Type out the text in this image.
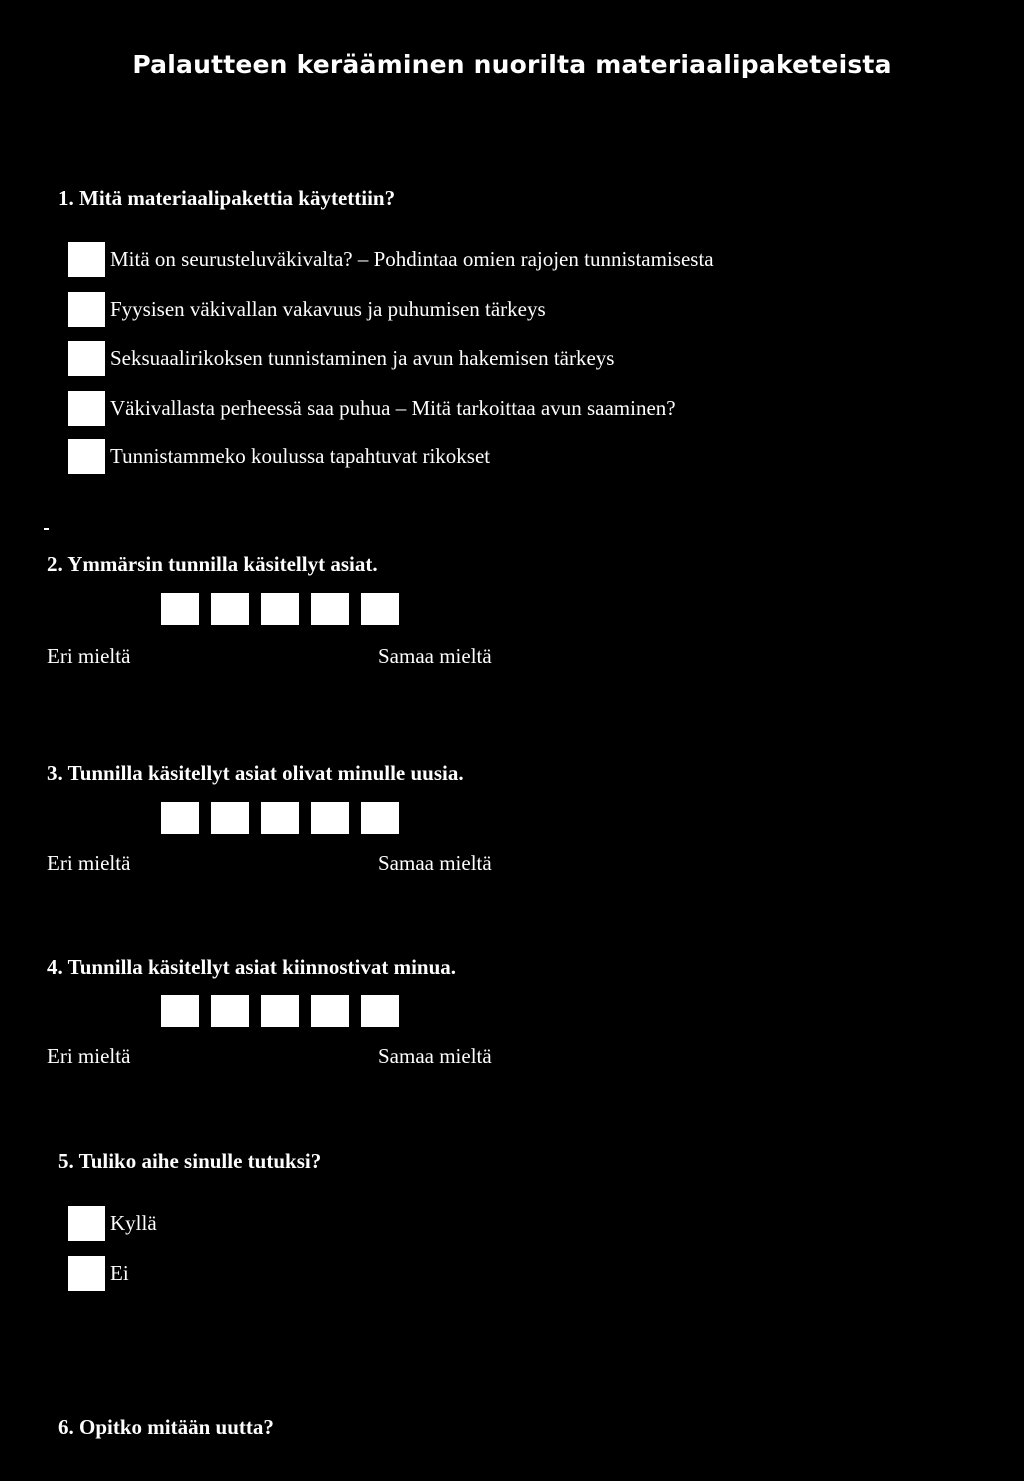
Palautteen kerääminen nuorilta materiaalipaketeista
1. Mitä materiaalipakettia käytettiin?
Mitä on seurusteluväkivalta? – Pohdintaa omien rajojen tunnistamisesta
Fyysisen väkivallan vakavuus ja puhumisen tärkeys
Seksuaalirikoksen tunnistaminen ja avun hakemisen tärkeys
Väkivallasta perheessä saa puhua – Mitä tarkoittaa avun saaminen?
Tunnistammeko koulussa tapahtuvat rikokset
2. Ymmärsin tunnilla käsitellyt asiat.
Eri mieltä	Samaa mieltä
3. Tunnilla käsitellyt asiat olivat minulle uusia.
Eri mieltä	Samaa mieltä
4. Tunnilla käsitellyt asiat kiinnostivat minua.
Eri mieltä	Samaa mieltä
5. Tuliko aihe sinulle tutuksi?
Kyllä
Ei
6. Opitko mitään uutta?
